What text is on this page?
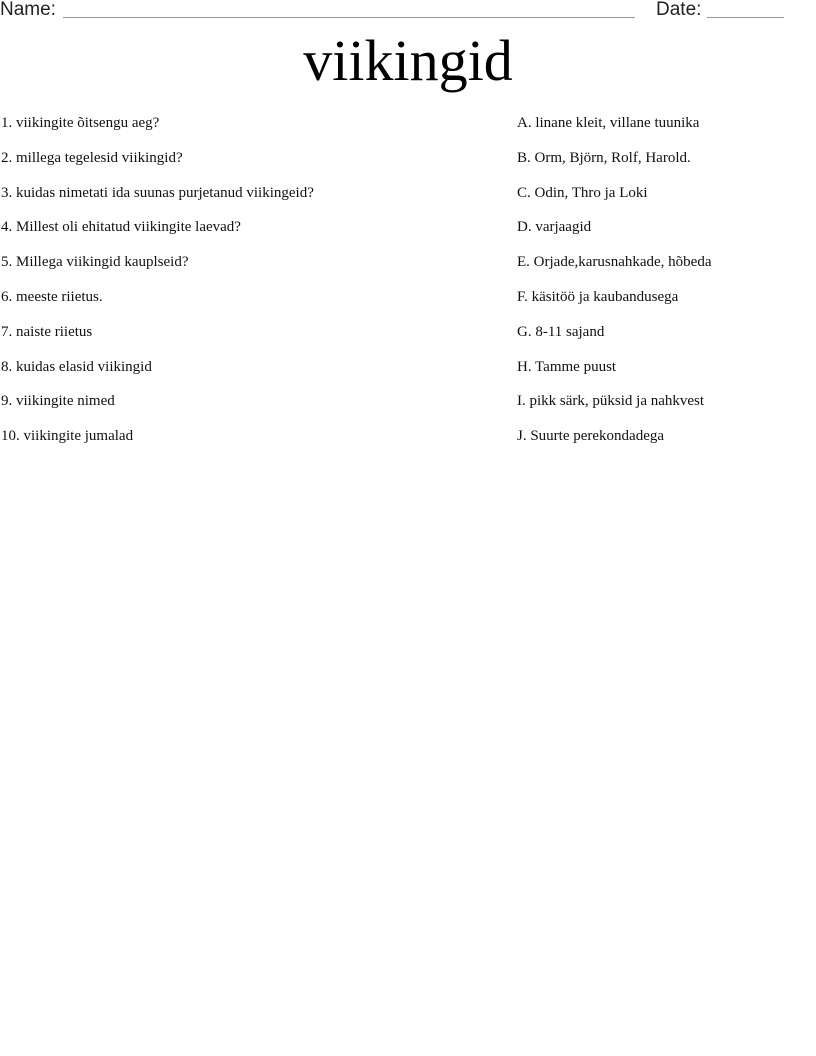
Name:	Date:
viikingid
1. viikingite õitsengu aeg?
2. millega tegelesid viikingid?
3. kuidas nimetati ida suunas purjetanud viikingeid?
4. Millest oli ehitatud viikingite laevad?
5. Millega viikingid kauplseid?
6. meeste riietus.
7. naiste riietus
8. kuidas elasid viikingid
9. viikingite nimed
10. viikingite jumalad
A. linane kleit, villane tuunika
B. Orm, Björn, Rolf, Harold.
C. Odin, Thro ja Loki
D. varjaagid
E. Orjade,karusnahkade, hõbeda
F. käsitöö ja kaubandusega
G. 8-11 sajand
H. Tamme puust
I. pikk särk, püksid ja nahkvest
J. Suurte perekondadega
